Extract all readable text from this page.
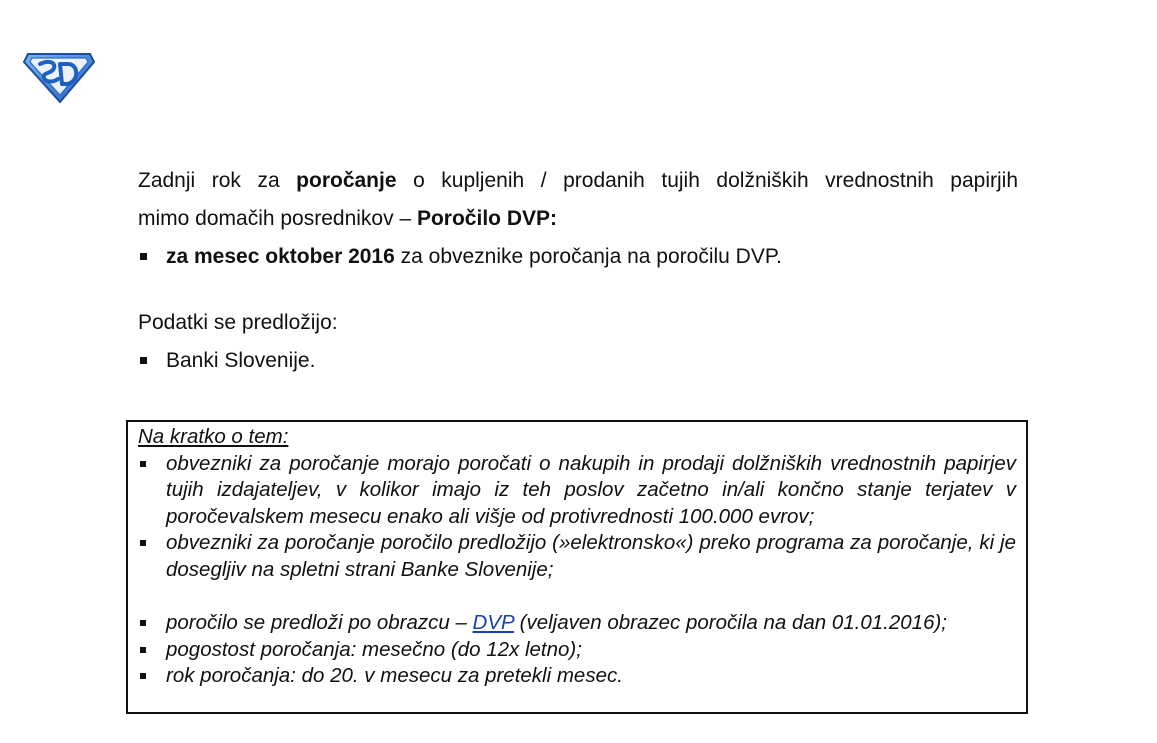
Zadnji rok za poročanje o kupljenih / prodanih tujih dolžniških vrednostnih papirjih
mimo domačih posrednikov – Poročilo DVP:
za mesec oktober 2016 za obveznike poročanja na poročilu DVP.
Podatki se predložijo:
Banki Slovenije.
Na kratko o tem:
obvezniki za poročanje morajo poročati o nakupih in prodaji dolžniških vrednostnih papirjev tujih izdajateljev, v kolikor imajo iz teh poslov začetno in/ali končno stanje terjatev v poročevalskem mesecu enako ali višje od protivrednosti 100.000 evrov;
obvezniki za poročanje poročilo predložijo (»elektronsko«) preko programa za poročanje, ki je dosegljiv na spletni strani Banke Slovenije;
poročilo se predloži po obrazcu – DVP (veljaven obrazec poročila na dan 01.01.2016);
pogostost poročanja: mesečno (do 12x letno);
rok poročanja: do 20. v mesecu za pretekli mesec.
